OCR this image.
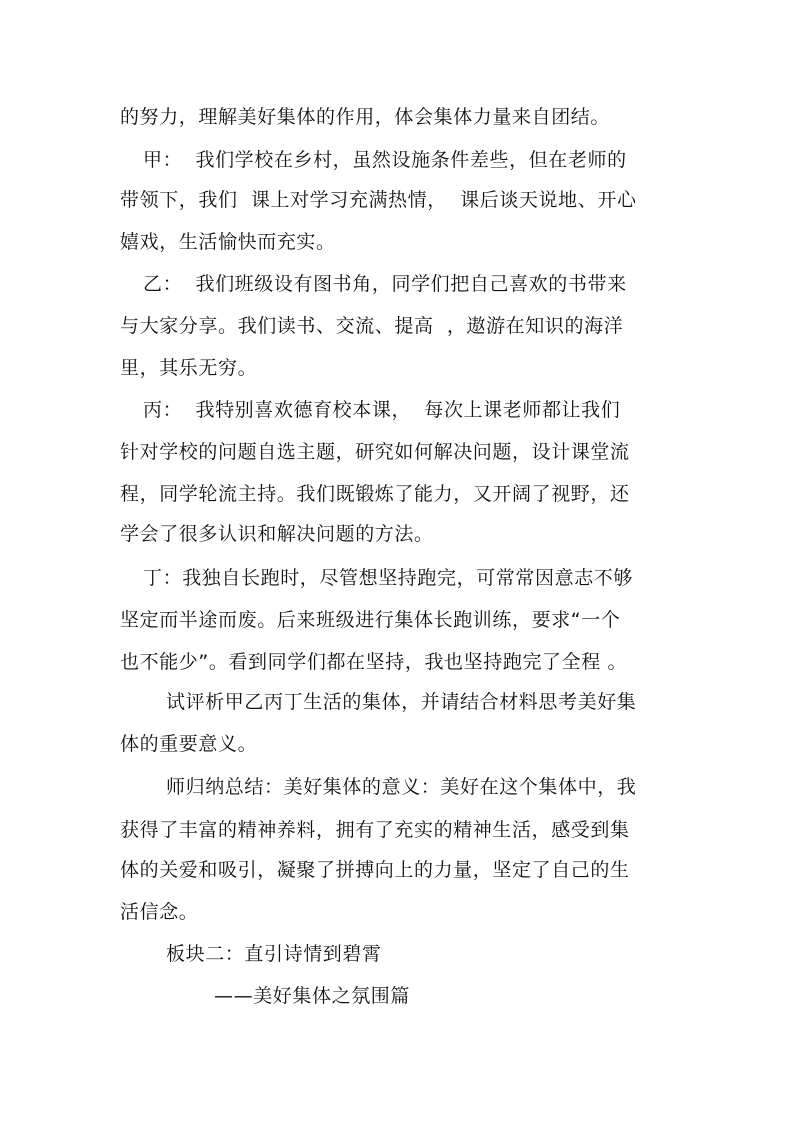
的努力，理解美好集体的作用，体会集体力量来自团结。
甲：  我们学校在乡村，虽然设施条件差些，但在老师的
带领下，我们  课上对学习充满热情，  课后谈天说地、开心
嬉戏，生活愉快而充实。
乙：  我们班级设有图书角，同学们把自己喜欢的书带来
与大家分享。我们读书、交流、提高  ，遨游在知识的海洋
里，其乐无穷。
丙：  我特别喜欢德育校本课，  每次上课老师都让我们
针对学校的问题自选主题，研究如何解决问题，设计课堂流
程，同学轮流主持。我们既锻炼了能力，又开阔了视野，还
学会了很多认识和解决问题的方法。
丁：我独自长跑时，尽管想坚持跑完，可常常因意志不够
坚定而半途而废。后来班级进行集体长跑训练，要求“一个
也不能少”。看到同学们都在坚持，我也坚持跑完了全程 。
试评析甲乙丙丁生活的集体，并请结合材料思考美好集
体的重要意义。
师归纳总结：美好集体的意义：美好在这个集体中，我
获得了丰富的精神养料，拥有了充实的精神生活，感受到集
体的关爱和吸引，凝聚了拼搏向上的力量，坚定了自己的生
活信念。
板块二：直引诗情到碧霄
——美好集体之氛围篇
